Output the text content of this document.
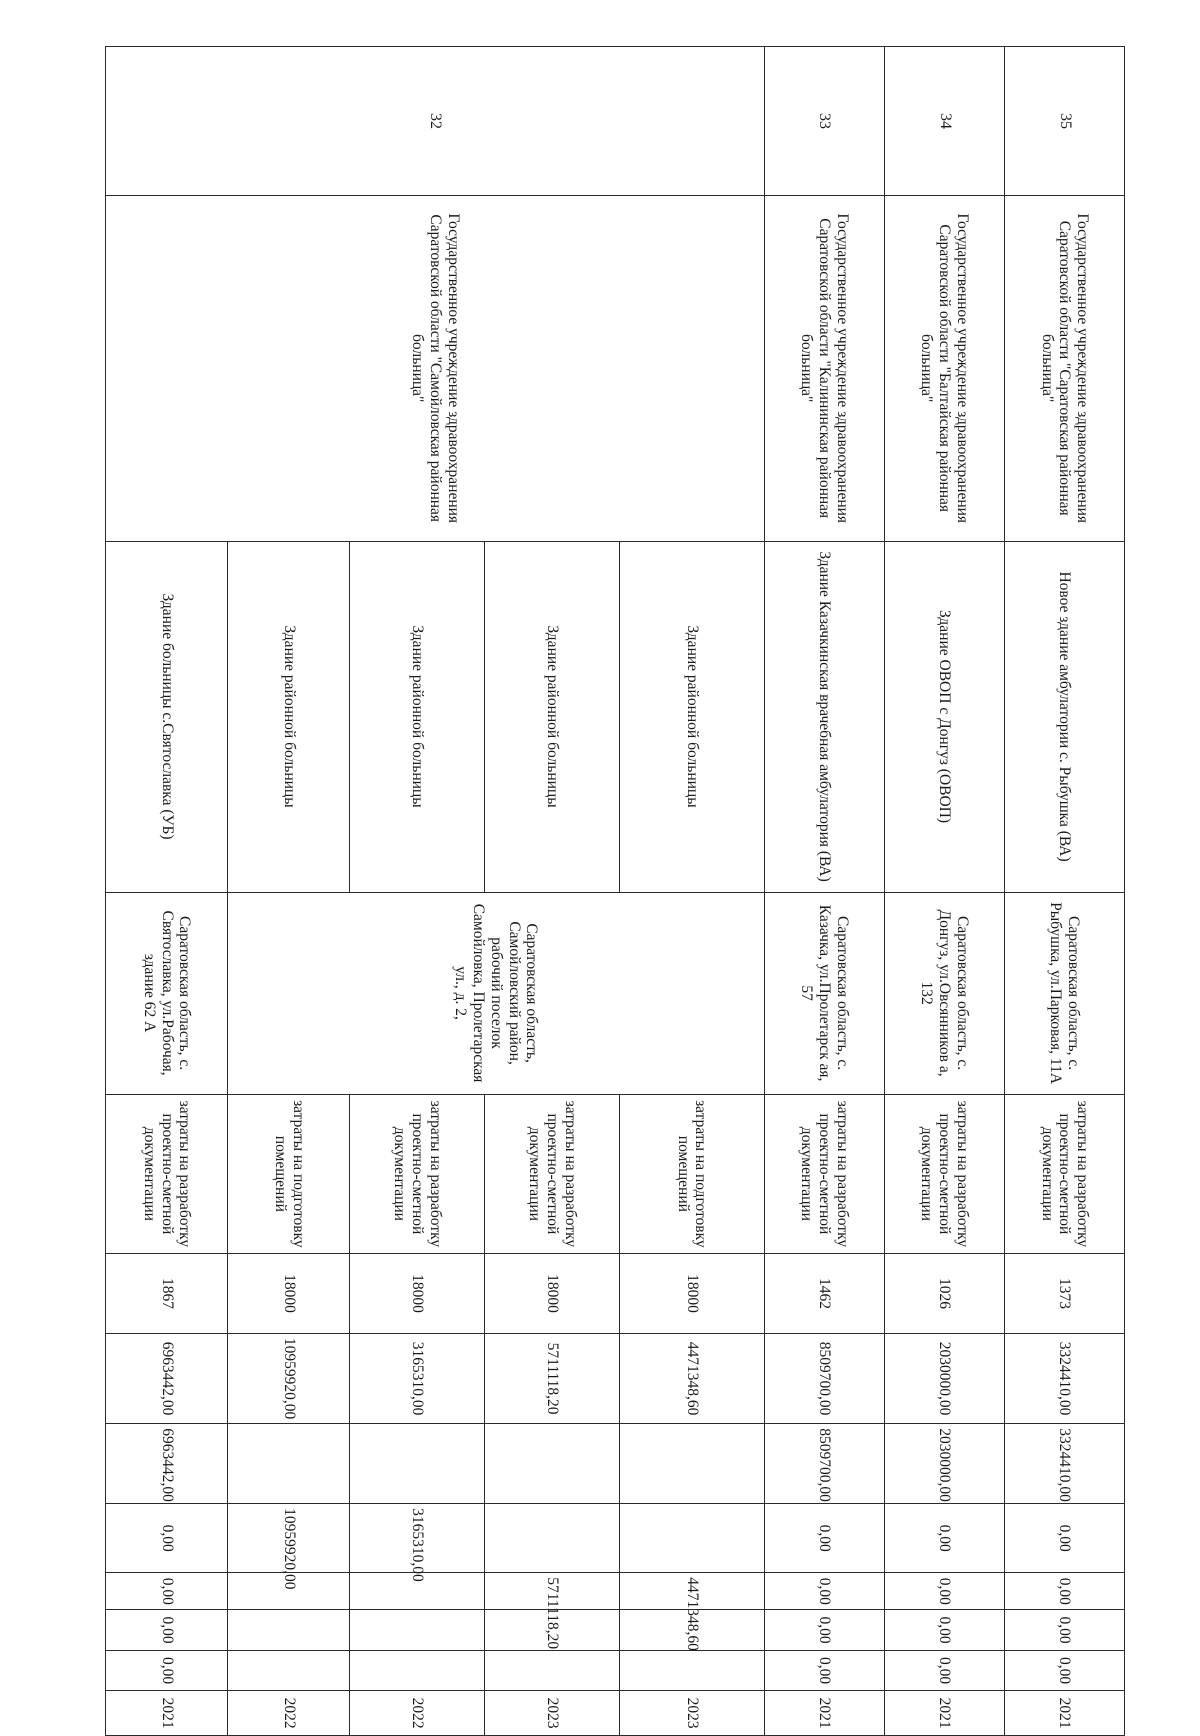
35	Государственное учреждение здравоохранения Саратовской области "Саратовская районная больница"	Новое здание амбулатории с. Рыбушка (ВА)	Саратовская область, с. Рыбушка, ул.Парковая, 11А	затраты на разработку проектно-сметной документации	1373	3324410,00	3324410,00	0,00	0,00	0,00	0,00	2021
34	Государственное учреждение здравоохранения Саратовской области "Балтайская районная больница"	Здание ОВОП с Донгуз (ОВОП)	Саратовская область, с. Донгуз, ул.Овсянников а, 132	затраты на разработку проектно-сметной документации	1026	2030000,00	2030000,00	0,00	0,00	0,00	0,00	2021
33	Государственное учреждение здравоохранения Саратовской области "Калининская районная больница"	Здание Казачкинская врачебная амбулатория (ВА)	Саратовская область, с. Казачка, ул.Пролетарск ая, 57	затраты на разработку проектно-сметной документации	1462	8509700,00	8509700,00	0,00	0,00	0,00	0,00	2021
32	Государственное учреждение здравоохранения Саратовской области "Самойловская районная больница"	Здание районной больницы	Саратовская область, Самойловский район, рабочий поселок Самойловка, Пролетарская ул., д. 2,	затраты на подготовку помещений	18000	4471348,60			4471348,60			2023
		Здание районной больницы		затраты на разработку проектно-сметной документации	18000	5711118,20			5711118,20			2023
		Здание районной больницы		затраты на разработку проектно-сметной документации	18000	3165310,00		3165310,00				2022
		Здание районной больницы		затраты на подготовку помещений	18000	10959920,00		10959920,00				2022
		Здание больницы с.Святославка (УБ)	Саратовская область, с. Святославка, ул.Рабочая, здание 62 А	затраты на разработку проектно-сметной документации	1867	6963442,00	6963442,00	0,00	0,00	0,00	0,00	2021
